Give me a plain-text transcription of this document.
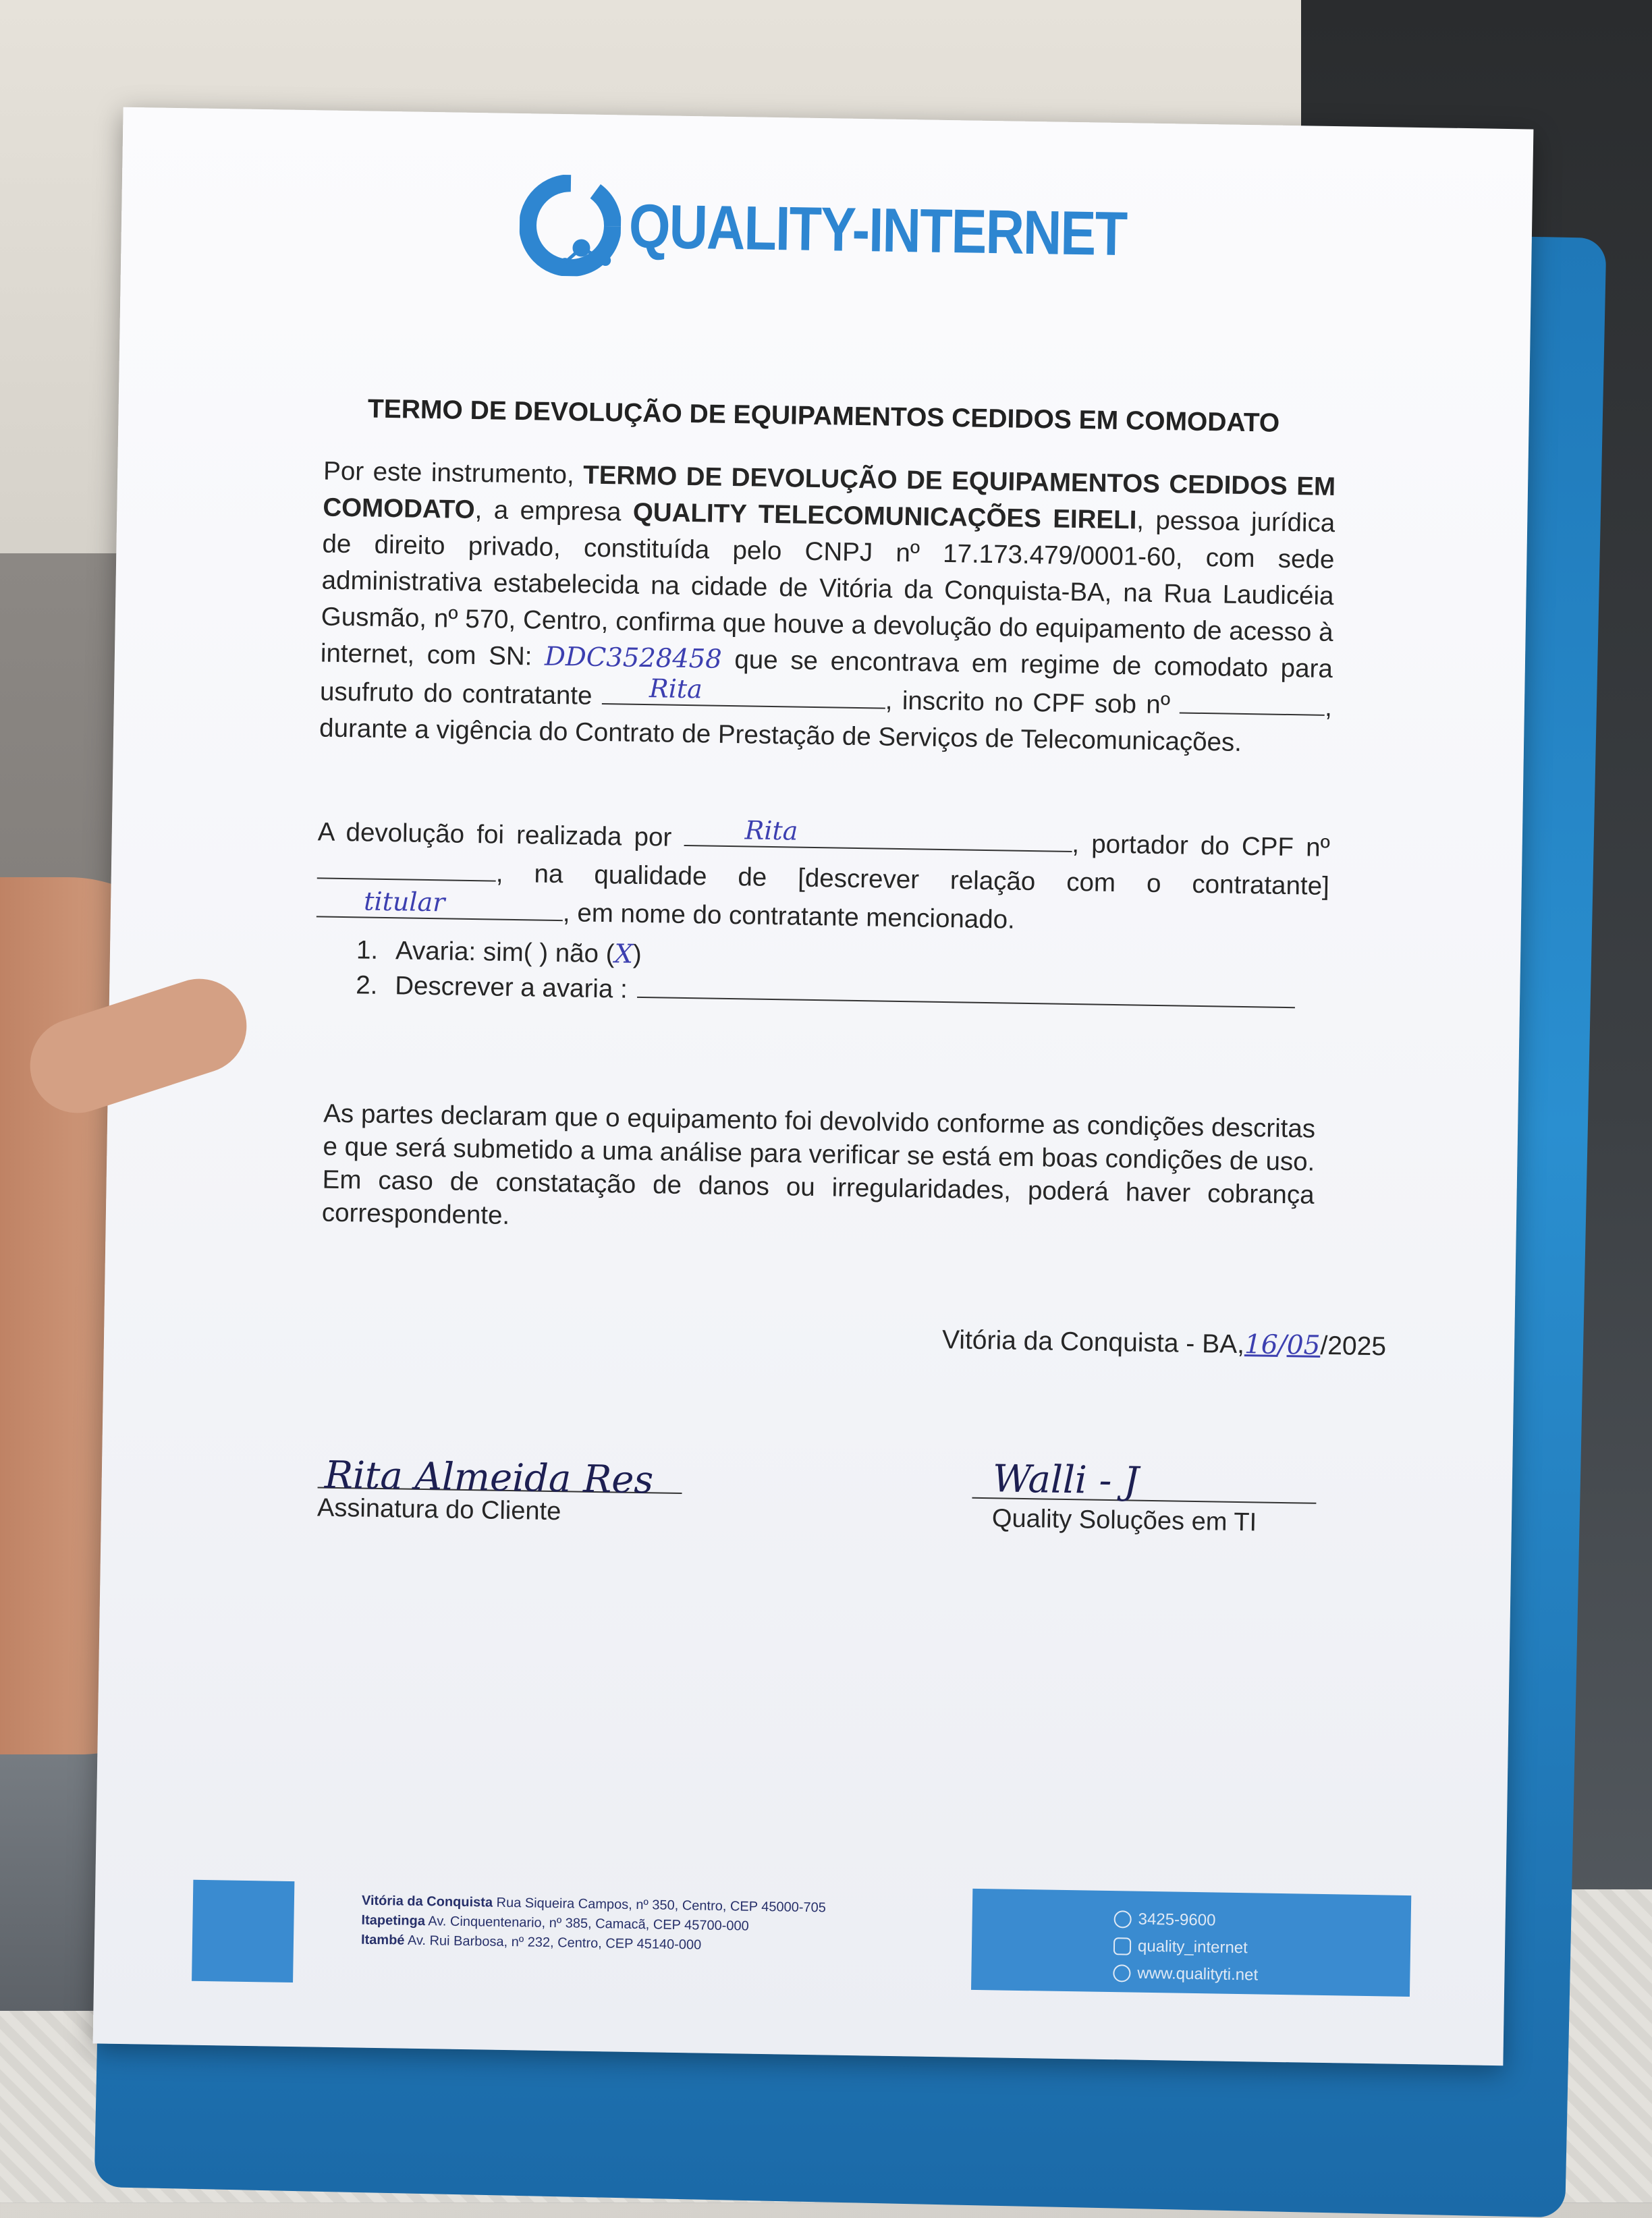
QUALITY-INTERNET
TERMO DE DEVOLUÇÃO DE EQUIPAMENTOS CEDIDOS EM COMODATO
Por este instrumento, TERMO DE DEVOLUÇÃO DE EQUIPAMENTOS CEDIDOS EM COMODATO, a empresa QUALITY TELECOMUNICAÇÕES EIRELI, pessoa jurídica de direito privado, constituída pelo CNPJ nº 17.173.479/0001-60, com sede administrativa estabelecida na cidade de Vitória da Conquista-BA, na Rua Laudicéia Gusmão, nº 570, Centro, confirma que houve a devolução do equipamento de acesso à internet, com SN: DDC3528458 que se encontrava em regime de comodato para usufruto do contratante Rita	, inscrito no CPF sob nº	, durante a vigência do Contrato de Prestação de Serviços de Telecomunicações.
A devolução foi realizada por Rita	, portador do CPF nº , na qualidade de [descrever relação com o contratante]
titular	, em nome do contratante mencionado.
1. Avaria: sim( ) não ( X )
2. Descrever a avaria :
As partes declaram que o equipamento foi devolvido conforme as condições descritas e que será submetido a uma análise para verificar se está em boas condições de uso. Em caso de constatação de danos ou irregularidades, poderá haver cobrança correspondente.
Vitória da Conquista - BA,16/05/2025
Rita Almeida Res
Assinatura do Cliente
Walli - J
Quality Soluções em TI
Vitória da Conquista Rua Siqueira Campos, nº 350, Centro, CEP 45000-705
Itapetinga Av. Cinquentenario, nº 385, Camacã, CEP 45700-000
Itambé Av. Rui Barbosa, nº 232, Centro, CEP 45140-000
3425-9600
quality_internet
www.qualityti.net
